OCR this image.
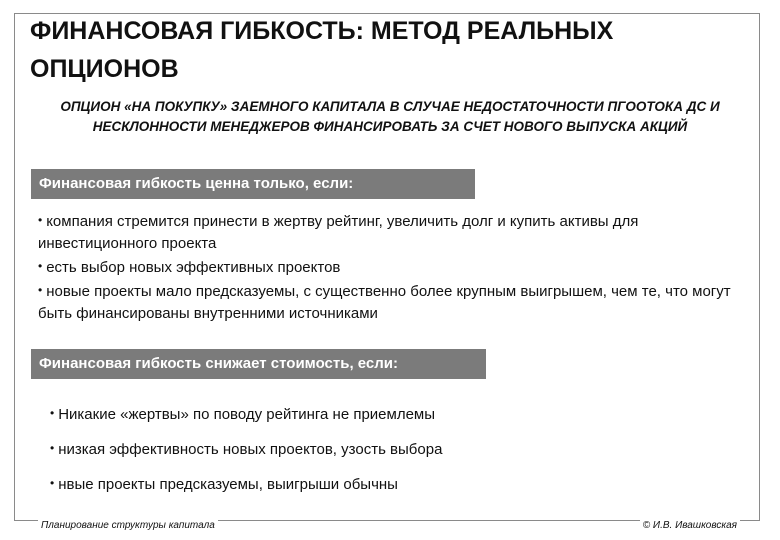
ФИНАНСОВАЯ ГИБКОСТЬ: МЕТОД РЕАЛЬНЫХ ОПЦИОНОВ

ОПЦИОН «НА ПОКУПКУ» ЗАЕМНОГО КАПИТАЛА В СЛУЧАЕ НЕДОСТАТОЧНОСТИ ПГООТОКА ДС И НЕСКЛОННОСТИ МЕНЕДЖЕРОВ ФИНАНСИРОВАТЬ ЗА СЧЕТ НОВОГО ВЫПУСКА АКЦИЙ

Финансовая гибкость ценна только, если:
• компания стремится принести в жертву рейтинг, увеличить долг и купить активы для инвестиционного проекта
• есть выбор новых эффективных проектов
• новые проекты мало предсказуемы, с существенно более крупным выигрышем, чем те, что могут быть финансированы внутренними источниками
Финансовая гибкость снижает стоимость, если:
• Никакие «жертвы» по поводу рейтинга не приемлемы
• низкая эффективность новых проектов, узость выбора
• нвые проекты предсказуемы, выигрыши обычны
Планирование структуры капитала	© И.В. Ивашковская
